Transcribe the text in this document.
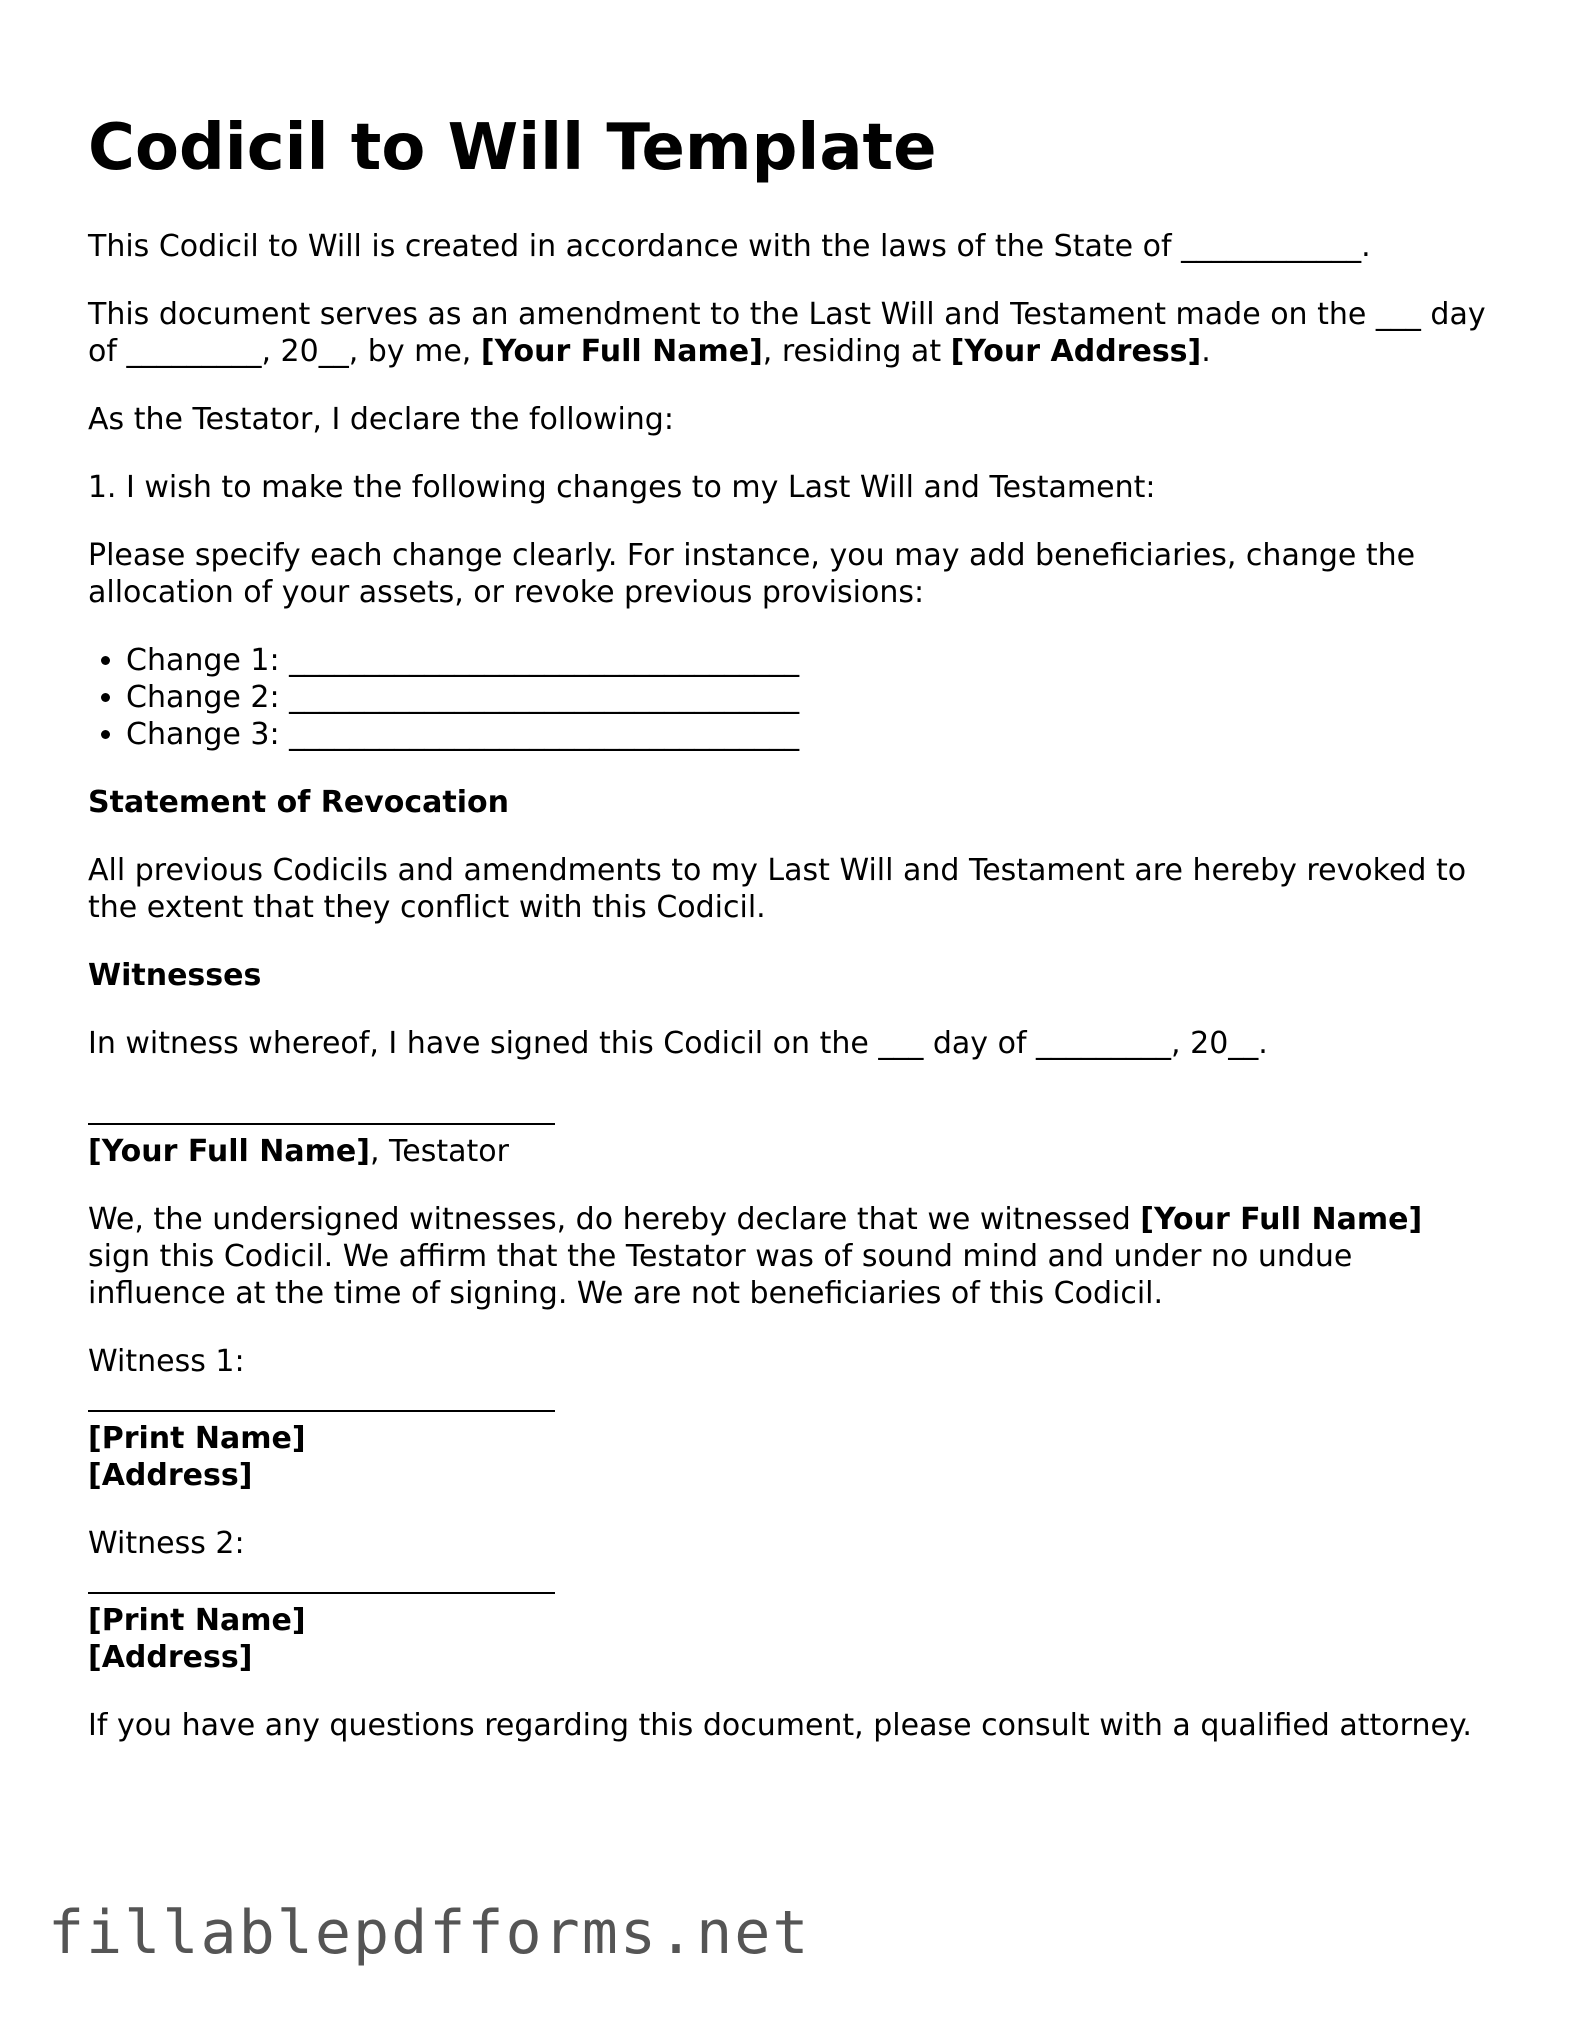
Codicil to Will Template

This Codicil to Will is created in accordance with the laws of the State of ____________.

This document serves as an amendment to the Last Will and Testament made on the ___ day of _________, 20__, by me, [Your Full Name], residing at [Your Address].

As the Testator, I declare the following:

1. I wish to make the following changes to my Last Will and Testament:

Please specify each change clearly. For instance, you may add beneficiaries, change the allocation of your assets, or revoke previous provisions:

• Change 1: __________________________________
• Change 2: __________________________________
• Change 3: __________________________________
Statement of Revocation

All previous Codicils and amendments to my Last Will and Testament are hereby revoked to the extent that they conflict with this Codicil.

Witnesses

In witness whereof, I have signed this Codicil on the ___ day of _________, 20__.

[Your Full Name], Testator

We, the undersigned witnesses, do hereby declare that we witnessed [Your Full Name] sign this Codicil. We affirm that the Testator was of sound mind and under no undue influence at the time of signing. We are not beneficiaries of this Codicil.

Witness 1:

[Print Name]
[Address]

Witness 2:

[Print Name]
[Address]

If you have any questions regarding this document, please consult with a qualified attorney.

fillablepdfforms.net
